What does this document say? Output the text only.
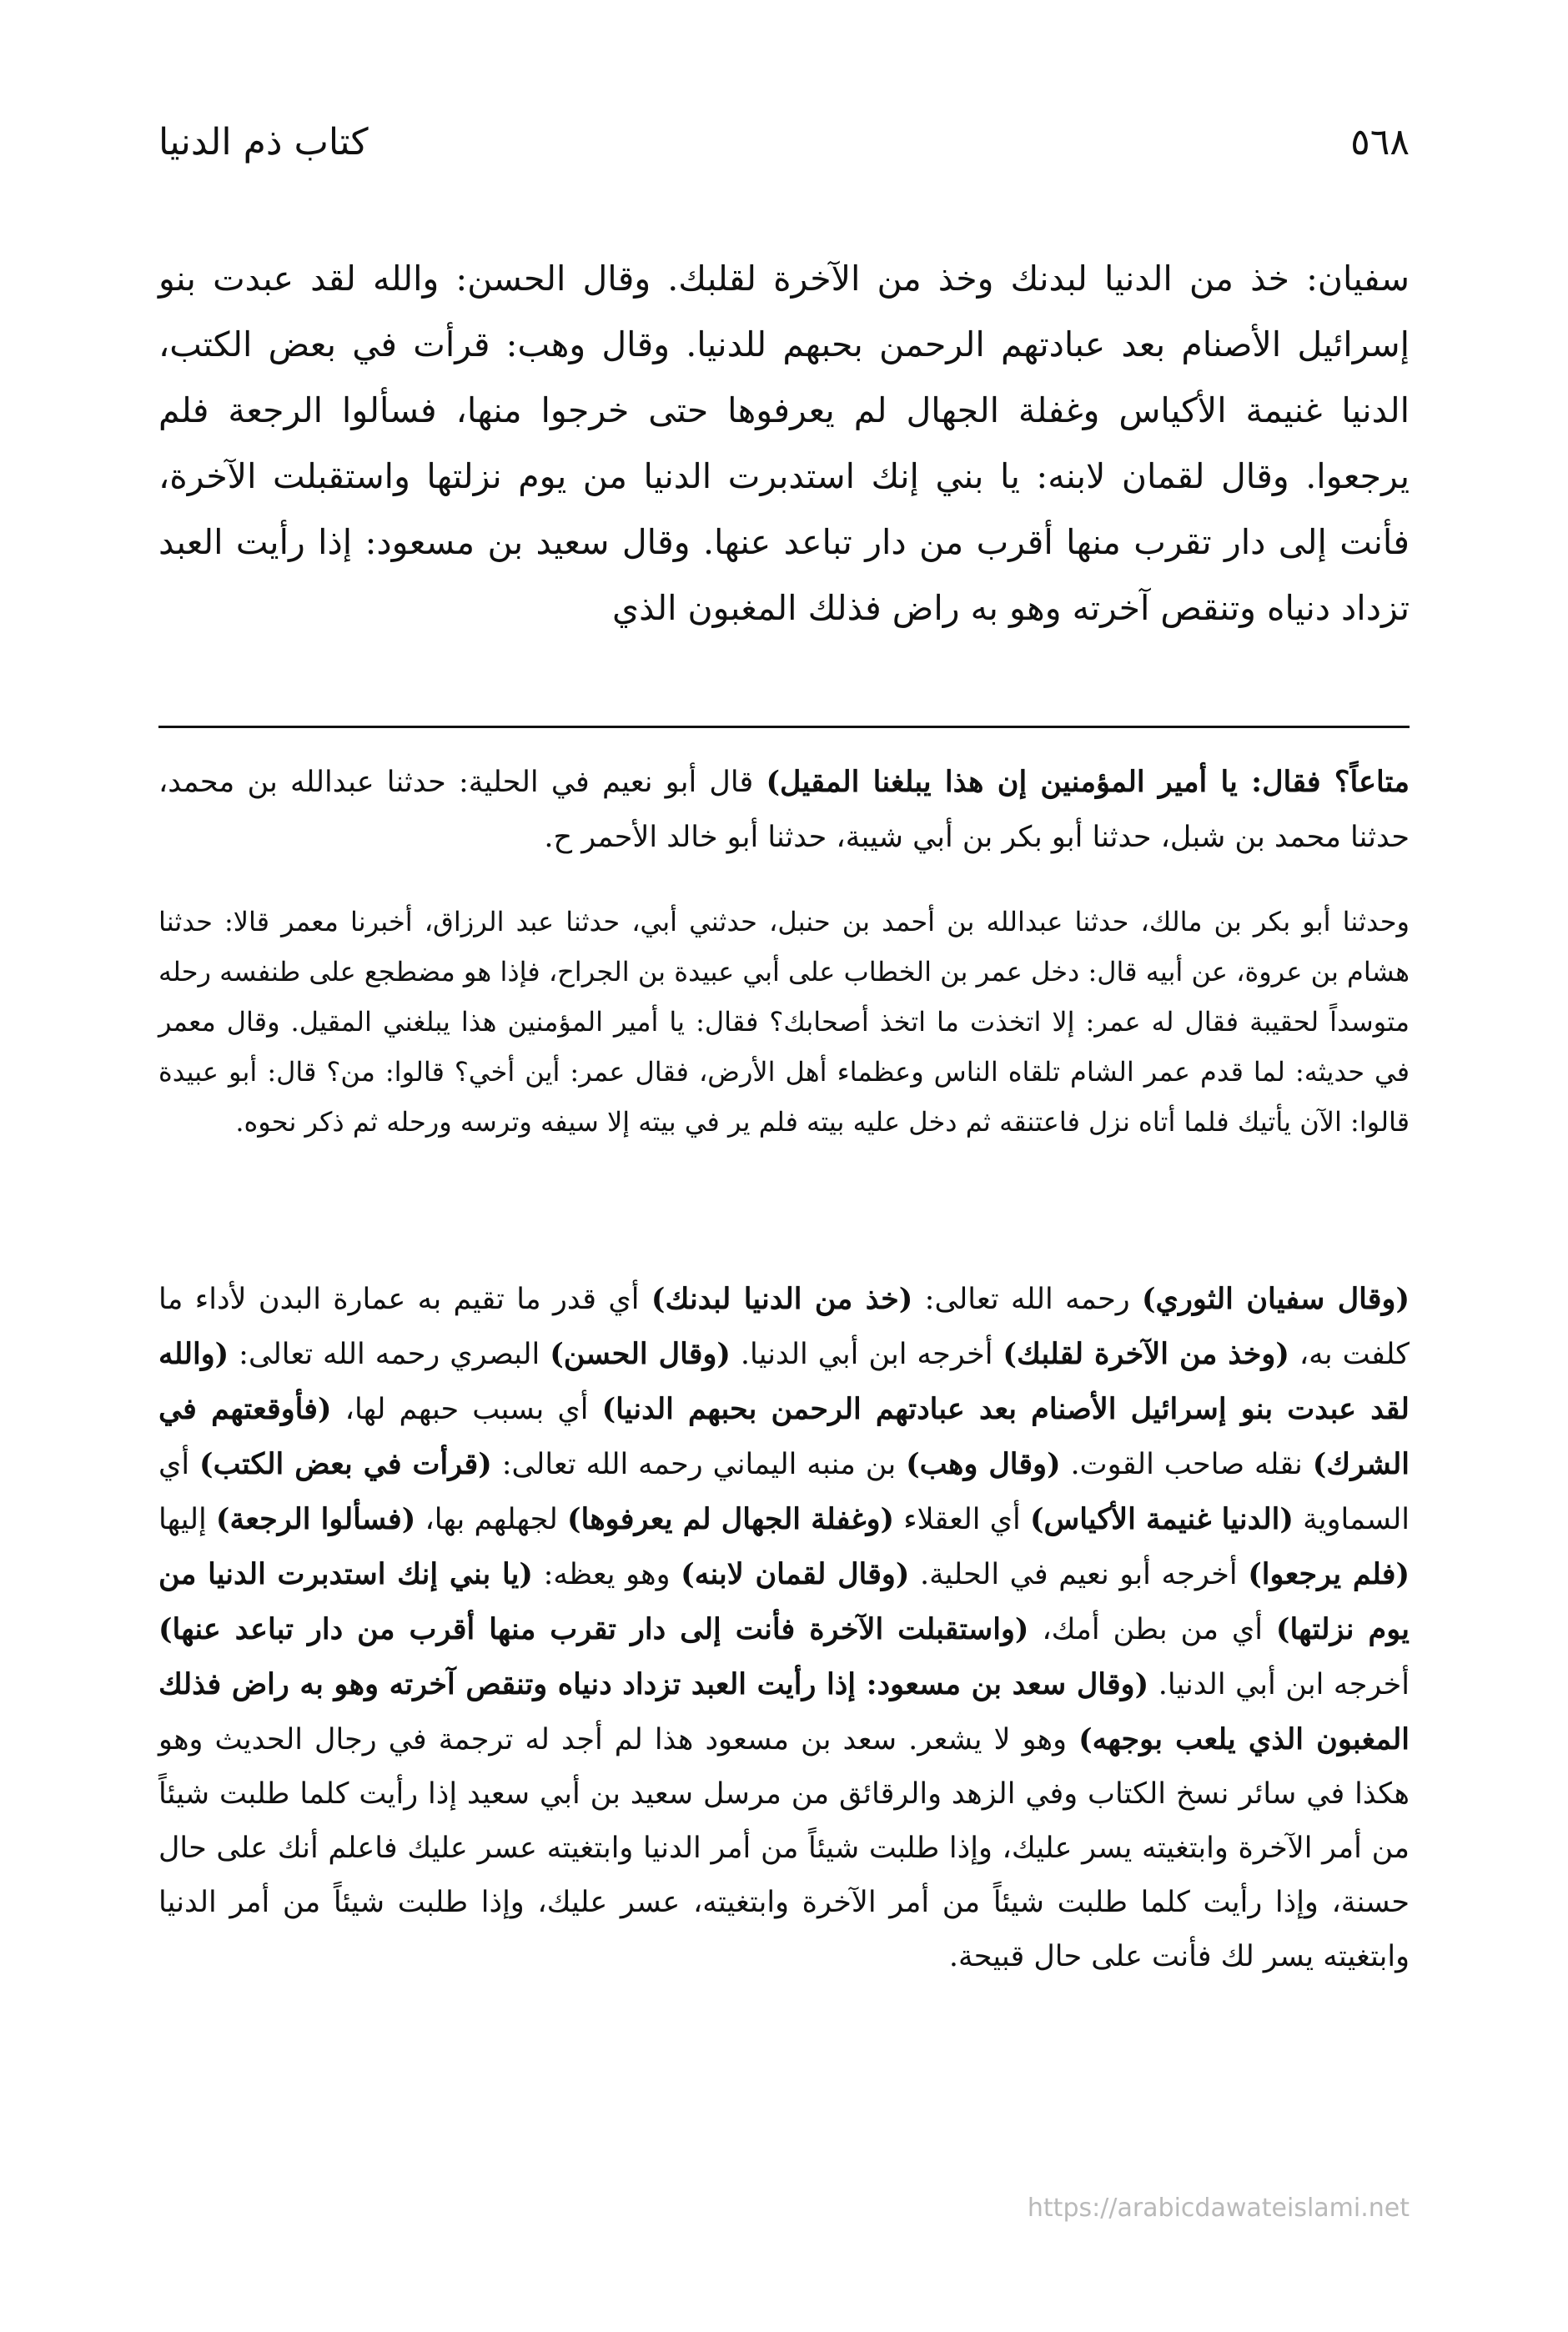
٥٦٨
كتاب ذم الدنيا

سفيان: خذ من الدنيا لبدنك وخذ من الآخرة لقلبك. وقال الحسن: والله لقد عبدت بنو إسرائيل الأصنام بعد عبادتهم الرحمن بحبهم للدنيا. وقال وهب: قرأت في بعض الكتب، الدنيا غنيمة الأكياس وغفلة الجهال لم يعرفوها حتى خرجوا منها، فسألوا الرجعة فلم يرجعوا. وقال لقمان لابنه: يا بني إنك استدبرت الدنيا من يوم نزلتها واستقبلت الآخرة، فأنت إلى دار تقرب منها أقرب من دار تباعد عنها. وقال سعيد بن مسعود: إذا رأيت العبد تزداد دنياه وتنقص آخرته وهو به راض فذلك المغبون الذي

متاعاً؟ فقال: يا أمير المؤمنين إن هذا يبلغنا المقيل) قال أبو نعيم في الحلية: حدثنا عبدالله بن محمد، حدثنا محمد بن شبل، حدثنا أبو بكر بن أبي شيبة، حدثنا أبو خالد الأحمر ح.

وحدثنا أبو بكر بن مالك، حدثنا عبدالله بن أحمد بن حنبل، حدثني أبي، حدثنا عبد الرزاق، أخبرنا معمر قالا: حدثنا هشام بن عروة، عن أبيه قال: دخل عمر بن الخطاب على أبي عبيدة بن الجراح، فإذا هو مضطجع على طنفسه رحله متوسداً لحقيبة فقال له عمر: إلا اتخذت ما اتخذ أصحابك؟ فقال: يا أمير المؤمنين هذا يبلغني المقيل. وقال معمر في حديثه: لما قدم عمر الشام تلقاه الناس وعظماء أهل الأرض، فقال عمر: أين أخي؟ قالوا: من؟ قال: أبو عبيدة قالوا: الآن يأتيك فلما أتاه نزل فاعتنقه ثم دخل عليه بيته فلم ير في بيته إلا سيفه وترسه ورحله ثم ذكر نحوه.

(وقال سفيان الثوري) رحمه الله تعالى: (خذ من الدنيا لبدنك) أي قدر ما تقيم به عمارة البدن لأداء ما كلفت به، (وخذ من الآخرة لقلبك) أخرجه ابن أبي الدنيا. (وقال الحسن) البصري رحمه الله تعالى: (والله لقد عبدت بنو إسرائيل الأصنام بعد عبادتهم الرحمن بحبهم الدنيا) أي بسبب حبهم لها، (فأوقعتهم في الشرك) نقله صاحب القوت. (وقال وهب) بن منبه اليماني رحمه الله تعالى: (قرأت في بعض الكتب) أي السماوية (الدنيا غنيمة الأكياس) أي العقلاء (وغفلة الجهال لم يعرفوها) لجهلهم بها، (فسألوا الرجعة) إليها (فلم يرجعوا) أخرجه أبو نعيم في الحلية. (وقال لقمان لابنه) وهو يعظه: (يا بني إنك استدبرت الدنيا من يوم نزلتها) أي من بطن أمك، (واستقبلت الآخرة فأنت إلى دار تقرب منها أقرب من دار تباعد عنها) أخرجه ابن أبي الدنيا. (وقال سعد بن مسعود: إذا رأيت العبد تزداد دنياه وتنقص آخرته وهو به راض فذلك المغبون الذي يلعب بوجهه) وهو لا يشعر. سعد بن مسعود هذا لم أجد له ترجمة في رجال الحديث وهو هكذا في سائر نسخ الكتاب وفي الزهد والرقائق من مرسل سعيد بن أبي سعيد إذا رأيت كلما طلبت شيئاً من أمر الآخرة وابتغيته يسر عليك، وإذا طلبت شيئاً من أمر الدنيا وابتغيته عسر عليك فاعلم أنك على حال حسنة، وإذا رأيت كلما طلبت شيئاً من أمر الآخرة وابتغيته، عسر عليك، وإذا طلبت شيئاً من أمر الدنيا وابتغيته يسر لك فأنت على حال قبيحة.

https://arabicdawateislami.net
